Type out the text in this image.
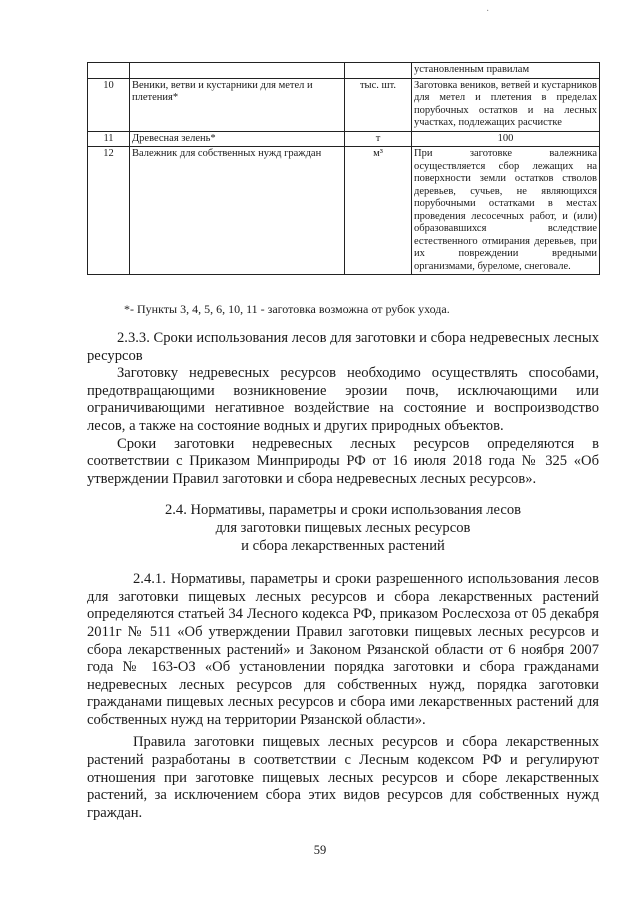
·
			установленным правилам
10	Веники, ветви и кустарники для метел и плетения*	тыс. шт.	Заготовка веников, ветвей и кустарников для метел и плетения в пределах порубочных остатков и на лесных участках, подлежащих расчистке
11	Древесная зелень*	т	100
12	Валежник для собственных нужд граждан	м³	При заготовке валежника осуществляется сбор лежащих на поверхности земли остатков стволов деревьев, сучьев, не являющихся порубочными остатками в местах проведения лесосечных работ, и (или) образовавшихся вследствие естественного отмирания деревьев, при их повреждении вредными организмами, буреломе, снеговале.
*- Пункты 3, 4, 5, 6, 10, 11 - заготовка возможна от рубок ухода.

2.3.3. Сроки использования лесов для заготовки и сбора недревесных лесных ресурсов

Заготовку недревесных ресурсов необходимо осуществлять способами, предотвращающими возникновение эрозии почв, исключающими или ограничивающими негативное воздействие на состояние и воспроизводство лесов, а также на состояние водных и других природных объектов.

Сроки заготовки недревесных лесных ресурсов определяются в соответствии с Приказом Минприроды РФ от 16 июля 2018 года № 325 «Об утверждении Правил заготовки и сбора недревесных лесных ресурсов».

2.4. Нормативы, параметры и сроки использования лесов
для заготовки пищевых лесных ресурсов
и сбора лекарственных растений

2.4.1. Нормативы, параметры и сроки разрешенного использования лесов для заготовки пищевых лесных ресурсов и сбора лекарственных растений определяются статьей 34 Лесного кодекса РФ, приказом Рослесхоза от 05 декабря 2011г № 511 «Об утверждении Правил заготовки пищевых лесных ресурсов и сбора лекарственных растений» и Законом Рязанской области от 6 ноября 2007 года № 163-ОЗ «Об установлении порядка заготовки и сбора гражданами недревесных лесных ресурсов для собственных нужд, порядка заготовки гражданами пищевых лесных ресурсов и сбора ими лекарственных растений для собственных нужд на территории Рязанской области».

Правила заготовки пищевых лесных ресурсов и сбора лекарственных растений разработаны в соответствии с Лесным кодексом РФ и регулируют отношения при заготовке пищевых лесных ресурсов и сборе лекарственных растений, за исключением сбора этих видов ресурсов для собственных нужд граждан.

59
